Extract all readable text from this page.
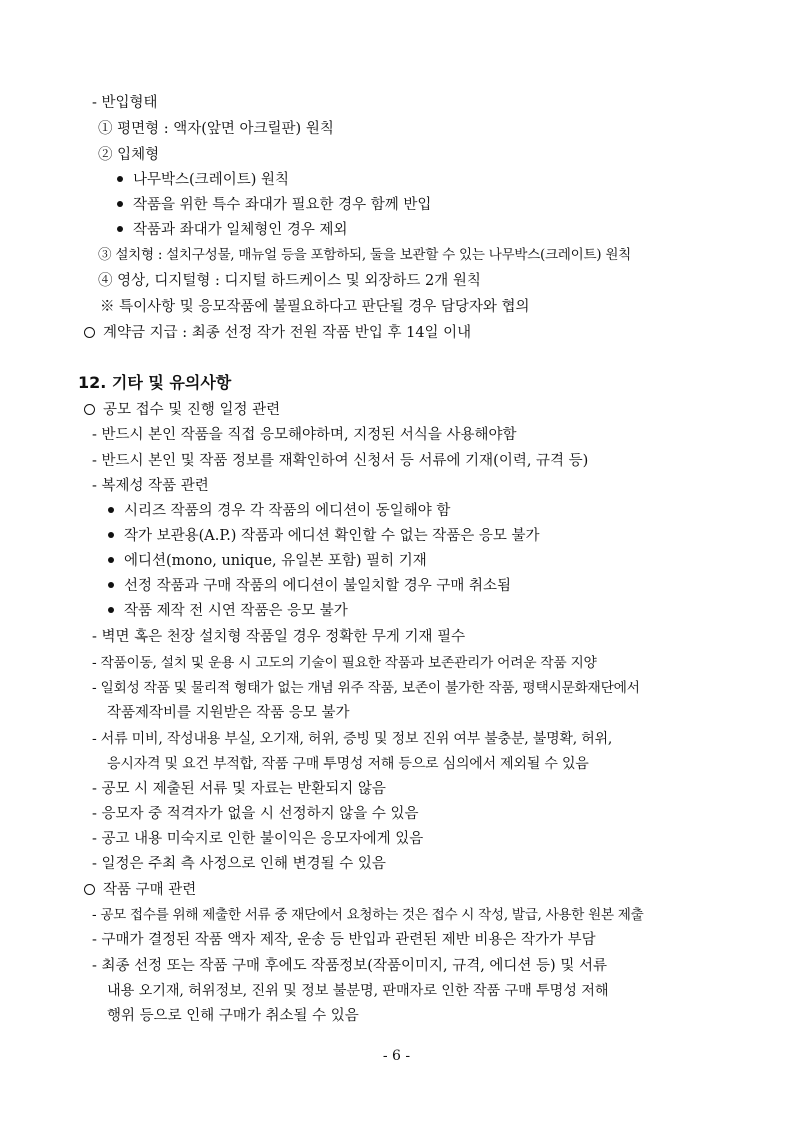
- 반입형태
① 평면형 : 액자(앞면 아크릴판) 원칙
② 입체형
나무박스(크레이트) 원칙
작품을 위한 특수 좌대가 필요한 경우 함께 반입
작품과 좌대가 일체형인 경우 제외
③ 설치형 : 설치구성물, 매뉴얼 등을 포함하되, 둘을 보관할 수 있는 나무박스(크레이트) 원칙
④ 영상, 디지털형 : 디지털 하드케이스 및 외장하드 2개 원칙
※ 특이사항 및 응모작품에 불필요하다고 판단될 경우 담당자와 협의
계약금 지급 : 최종 선정 작가 전원 작품 반입 후 14일 이내
12. 기타 및 유의사항
공모 접수 및 진행 일정 관련
- 반드시 본인 작품을 직접 응모해야하며, 지정된 서식을 사용해야함
- 반드시 본인 및 작품 정보를 재확인하여 신청서 등 서류에 기재(이력, 규격 등)
- 복제성 작품 관련
시리즈 작품의 경우 각 작품의 에디션이 동일해야 함
작가 보관용(A.P.) 작품과 에디션 확인할 수 없는 작품은 응모 불가
에디션(mono, unique, 유일본 포함) 필히 기재
선정 작품과 구매 작품의 에디션이 불일치할 경우 구매 취소됨
작품 제작 전 시연 작품은 응모 불가
- 벽면 혹은 천장 설치형 작품일 경우 정확한 무게 기재 필수
- 작품이동, 설치 및 운용 시 고도의 기술이 필요한 작품과 보존관리가 어려운 작품 지양
- 일회성 작품 및 물리적 형태가 없는 개념 위주 작품, 보존이 불가한 작품, 평택시문화재단에서
작품제작비를 지원받은 작품 응모 불가
- 서류 미비, 작성내용 부실, 오기재, 허위, 증빙 및 정보 진위 여부 불충분, 불명확, 허위,
응시자격 및 요건 부적합, 작품 구매 투명성 저해 등으로 심의에서 제외될 수 있음
- 공모 시 제출된 서류 및 자료는 반환되지 않음
- 응모자 중 적격자가 없을 시 선정하지 않을 수 있음
- 공고 내용 미숙지로 인한 불이익은 응모자에게 있음
- 일정은 주최 측 사정으로 인해 변경될 수 있음
작품 구매 관련
- 공모 접수를 위해 제출한 서류 중 재단에서 요청하는 것은 접수 시 작성, 발급, 사용한 원본 제출
- 구매가 결정된 작품 액자 제작, 운송 등 반입과 관련된 제반 비용은 작가가 부담
- 최종 선정 또는 작품 구매 후에도 작품정보(작품이미지, 규격, 에디션 등) 및 서류
내용 오기재, 허위정보, 진위 및 정보 불분명, 판매자로 인한 작품 구매 투명성 저해
행위 등으로 인해 구매가 취소될 수 있음
- 6 -
